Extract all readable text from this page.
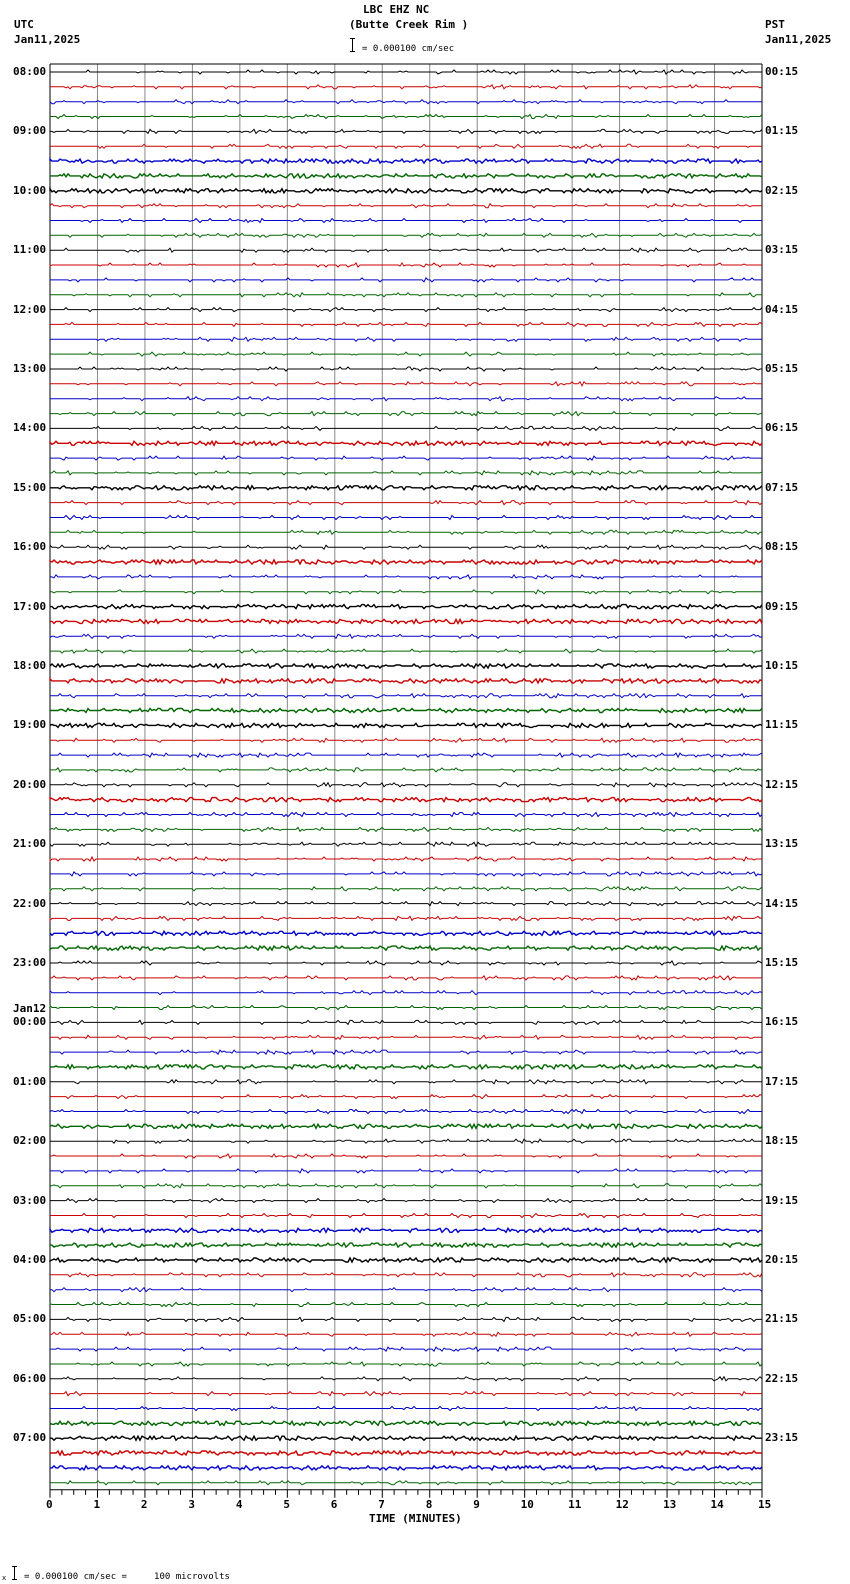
LBC EHZ NC
(Butte Creek Rim )
UTC
Jan11,2025
PST
Jan11,2025
= 0.000100 cm/sec
0	1	2	3	4	5	6	7	8	9	10	11	12	13	14	15
08:00
09:00
10:00
11:00
12:00
13:00
14:00
15:00
16:00
17:00
18:00
19:00
20:00
21:00
22:00
23:00
00:00
Jan12
01:00
02:00
03:00
04:00
05:00
06:00
07:00
00:15
01:15
02:15
03:15
04:15
05:15
06:15
07:15
08:15
09:15
10:15
11:15
12:15
13:15
14:15
15:15
16:15
17:15
18:15
19:15
20:15
21:15
22:15
23:15
TIME (MINUTES)
x = 0.000100 cm/sec =     100 microvolts
